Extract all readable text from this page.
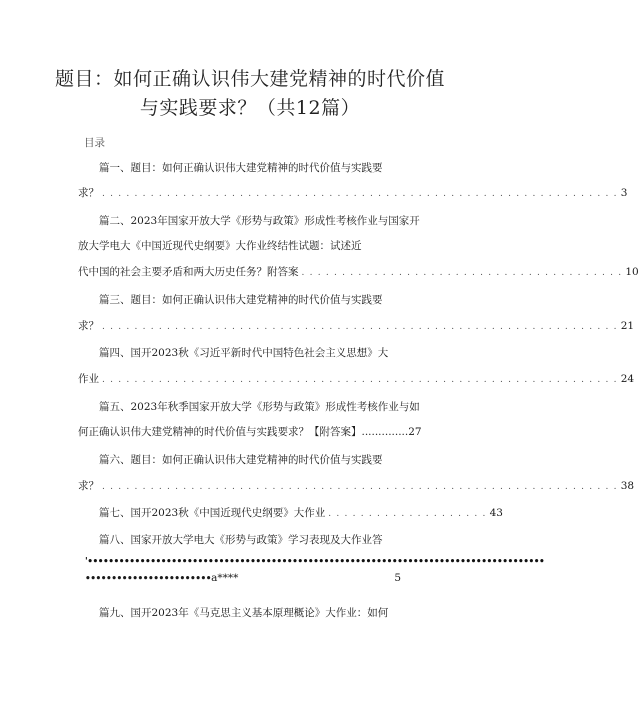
题目：如何正确认识伟大建党精神的时代价值
与实践要求？（共12篇）
目录
篇一、题目：如何正确认识伟大建党精神的时代价值与实践要
求？ . . . . . . . . . . . . . . . . . . . . . . . . . . . . . . . . . . . . . . . . . . . . . . . . . . . . . . . . . . . . . . . . 3
篇二、2023年国家开放大学《形势与政策》形成性考核作业与国家开
放大学电大《中国近现代史纲要》大作业终结性试题：试述近
代中国的社会主要矛盾和两大历史任务？附答案 . . . . . . . . . . . . . . . . . . . . . . . . . . . . . . . . . . . . . . . . 10
篇三、题目：如何正确认识伟大建党精神的时代价值与实践要
求？ . . . . . . . . . . . . . . . . . . . . . . . . . . . . . . . . . . . . . . . . . . . . . . . . . . . . . . . . . . . . . . . . 21
篇四、国开2023秋《习近平新时代中国特色社会主义思想》大
作业 . . . . . . . . . . . . . . . . . . . . . . . . . . . . . . . . . . . . . . . . . . . . . . . . . . . . . . . . . . . . . . . . 24
篇五、2023年秋季国家开放大学《形势与政策》形成性考核作业与如
何正确认识伟大建党精神的时代价值与实践要求？【附答案】..............27
篇六、题目：如何正确认识伟大建党精神的时代价值与实践要
求？ . . . . . . . . . . . . . . . . . . . . . . . . . . . . . . . . . . . . . . . . . . . . . . . . . . . . . . . . . . . . . . . . 38
篇七、国开2023秋《中国近现代史纲要》大作业 . . . . . . . . . . . . . . . . . . . . 43
篇八、国家开放大学电大《形势与政策》学习表现及大作业答
'•••••••••••••••••••••••••••••••••••••••••••••••••••••••••••••••••••••••••••••••••••••••
•••••••••••••••••••••••• a****	5
篇九、国开2023年《马克思主义基本原理概论》大作业：如何
